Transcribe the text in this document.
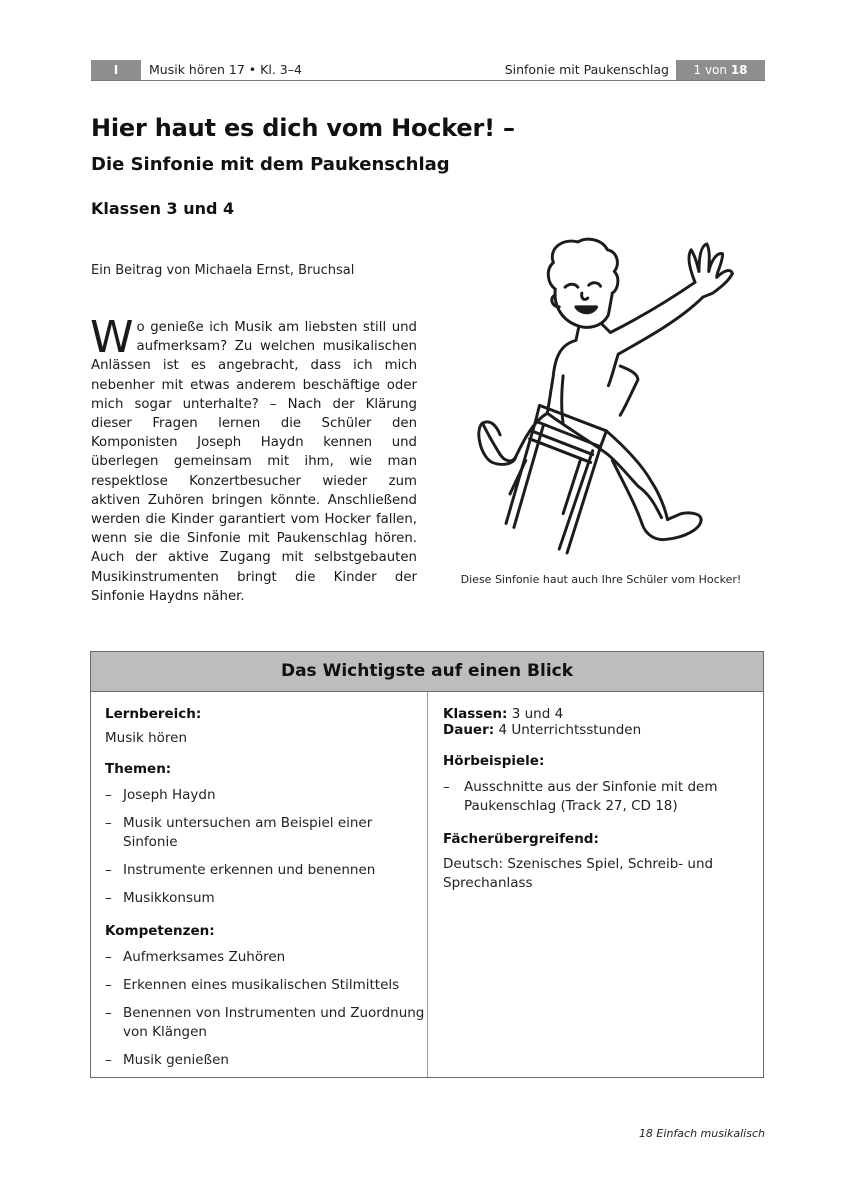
I	Musik hören 17 • Kl. 3–4	Sinfonie mit Paukenschlag	1 von 18
Hier haut es dich vom Hocker! –
Die Sinfonie mit dem Paukenschlag
Klassen 3 und 4
Ein Beitrag von Michaela Ernst, Bruchsal

Wo genieße ich Musik am liebsten still und aufmerksam? Zu welchen musikalischen Anlässen ist es angebracht, dass ich mich nebenher mit etwas anderem beschäftige oder mich sogar unterhalte? – Nach der Klärung dieser Fragen lernen die Schüler den Komponisten Joseph Haydn kennen und überlegen gemeinsam mit ihm, wie man respektlose Konzertbesucher wieder zum aktiven Zuhören bringen könnte. Anschließend werden die Kinder garantiert vom Hocker fallen, wenn sie die Sinfonie mit Paukenschlag hören. Auch der aktive Zugang mit selbstgebauten Musikinstrumenten bringt die Kinder der Sinfonie Haydns näher.

Diese Sinfonie haut auch Ihre Schüler vom Hocker!
Das Wichtigste auf einen Blick

Lernbereich:

Musik hören

Themen:

– Joseph Haydn
– Musik untersuchen am Beispiel einer Sinfonie
– Instrumente erkennen und benennen
– Musikkonsum

Kompetenzen:

– Aufmerksames Zuhören
– Erkennen eines musikalischen Stilmittels
– Benennen von Instrumenten und Zuordnung von Klängen
– Musik genießen

Klassen: 3 und 4

Dauer: 4 Unterrichtsstunden

Hörbeispiele:

– Ausschnitte aus der Sinfonie mit dem Paukenschlag (Track 27, CD 18)

Fächerübergreifend:

Deutsch: Szenisches Spiel, Schreib- und Sprechanlass

18 Einfach musikalisch
